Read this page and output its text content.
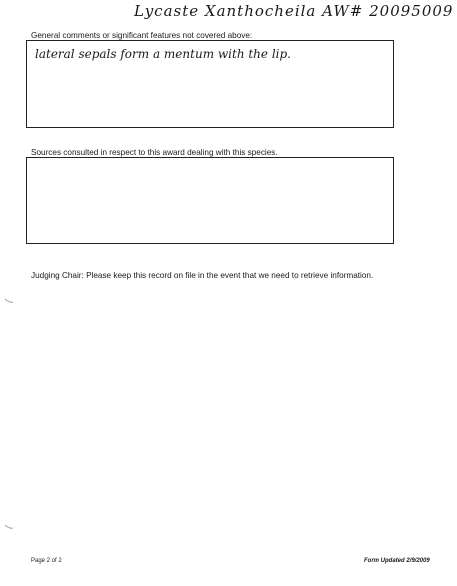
Lycaste Xanthocheila AW# 20095009
General comments or significant features not covered above:
lateral sepals form a mentum with the lip.
Sources consulted in respect to this award dealing with this species.
Judging Chair: Please keep this record on file in the event that we need to retrieve information.
Page 2 of 2	Form Updated 2/9/2009
